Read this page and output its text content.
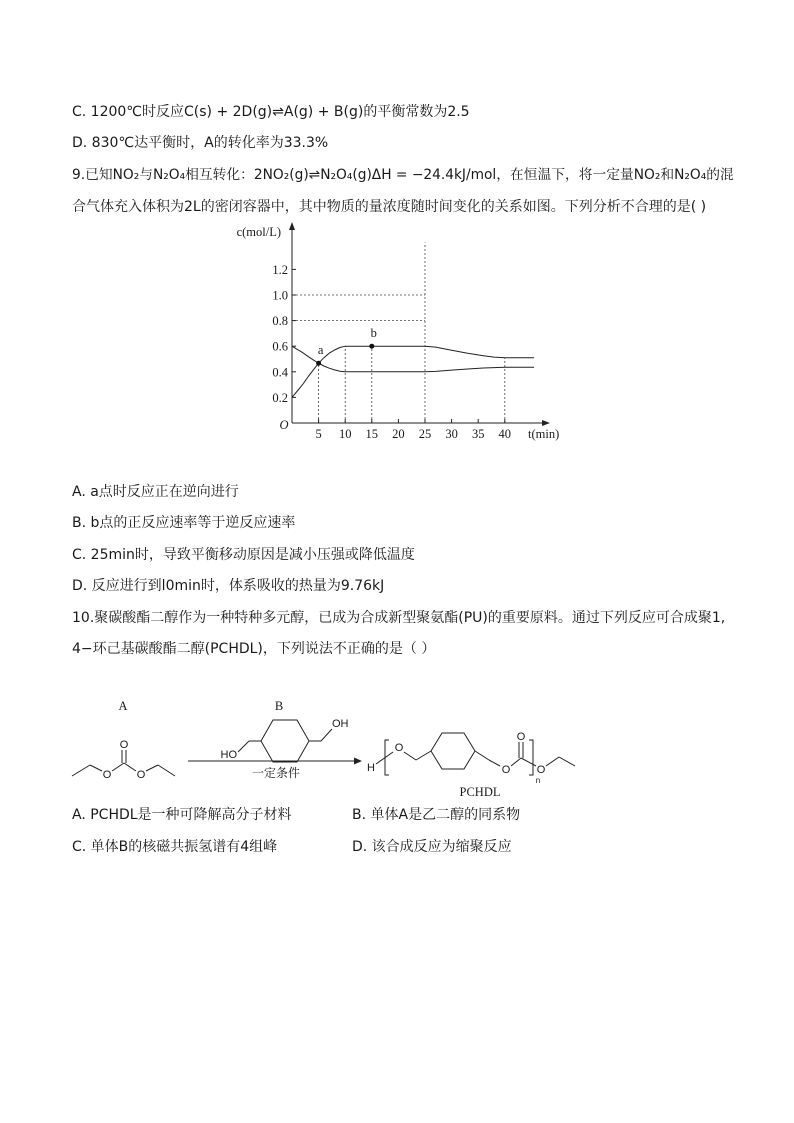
C. 1200℃时反应C(s) + 2D(g)⇌A(g) + B(g)的平衡常数为2.5
D. 830℃达平衡时，A的转化率为33.3%
9.已知NO₂与N₂O₄相互转化：2NO₂(g)⇌N₂O₄(g)ΔH = −24.4kJ/mol，在恒温下，将一定量NO₂和N₂O₄的混
合气体充入体积为2L的密闭容器中，其中物质的量浓度随时间变化的关系如图。下列分析不合理的是( )
5 10 15 20 25 30 35 40
0.2
0.4
0.6
0.8
1.0
1.2
O
c(mol/L)
t(min)
a
b
A. a点时反应正在逆向进行
B. b点的正反应速率等于逆反应速率
C. 25min时，导致平衡移动原因是减小压强或降低温度
D. 反应进行到l0min时，体系吸收的热量为9.76kJ
10.聚碳酸酯二醇作为一种特种多元醇，已成为合成新型聚氨酯(PU)的重要原料。通过下列反应可合成聚1,
4−环己基碳酸酯二醇(PCHDL)，下列说法不正确的是（ ）
A
O
O
O
B
OH
HO
一定条件	H
O
O
O
n
O
PCHDL
A. PCHDL是一种可降解高分子材料	B. 单体A是乙二醇的同系物
C. 单体B的核磁共振氢谱有4组峰	D. 该合成反应为缩聚反应
